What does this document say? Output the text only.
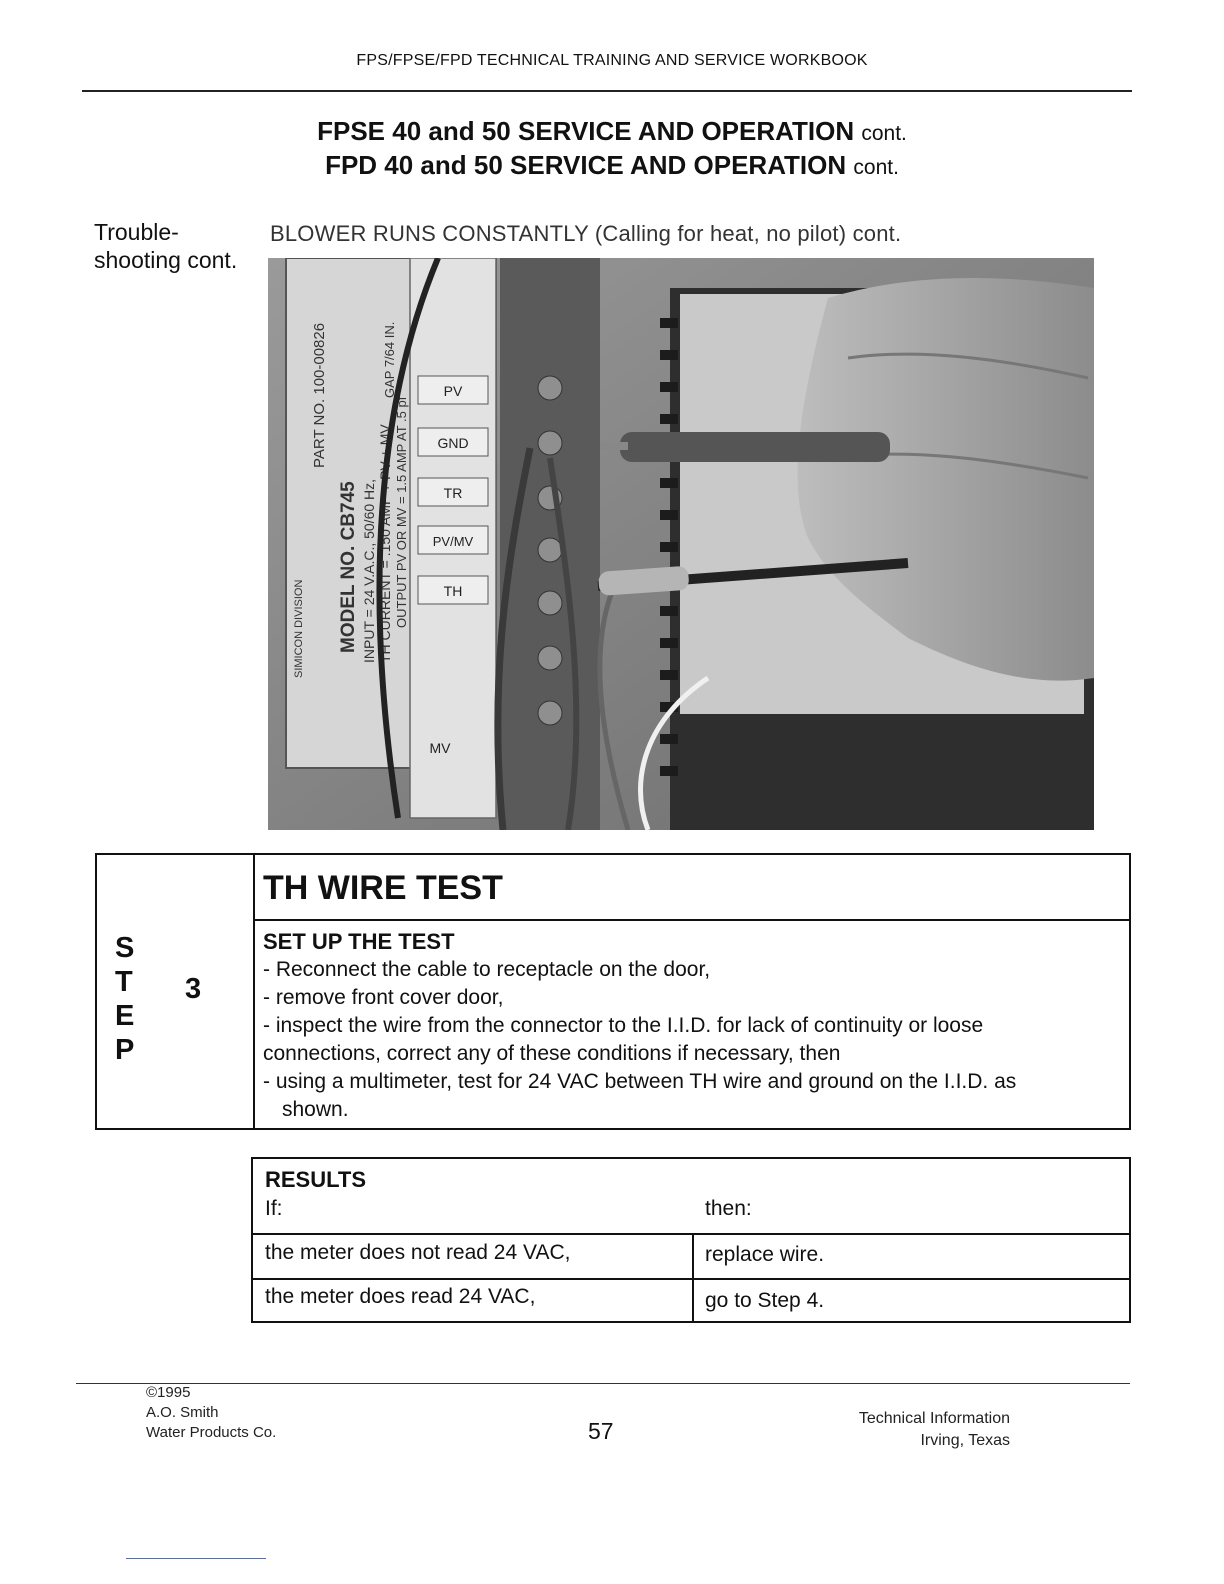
FPS/FPSE/FPD TECHNICAL TRAINING AND SERVICE WORKBOOK
FPSE 40 and 50 SERVICE AND OPERATION cont.
FPD 40 and 50 SERVICE AND OPERATION cont.
Trouble-
shooting cont.
BLOWER RUNS CONSTANTLY (Calling for heat, no pilot) cont.
PV
GND
TR
PV/MV
TH
MV
MODEL NO. CB745 INPUT = 24 V.A.C., 50/60 Hz, TH CURRENT = .150 AMP + PV + MV OUTPUT PV OR MV = 1.5 AMP AT .5 pf
PART NO. 100-00826	GAP 7/64 IN.
SIMICON DIVISION
S
T
E
P
3
TH WIRE TEST
SET UP THE TEST
- Reconnect the cable to receptacle on the door,
- remove front cover door,
- inspect the wire from the connector to the I.I.D. for lack of continuity or loose
connections, correct any of these conditions if necessary, then
- using a multimeter, test for 24 VAC between TH wire and ground on the I.I.D. as
shown.
RESULTS
If:	then:
the meter does not read 24 VAC,	replace wire.
the meter does read 24 VAC,	go to Step 4.
©1995
A.O. Smith
Water Products Co.	57	Technical Information
Irving, Texas
